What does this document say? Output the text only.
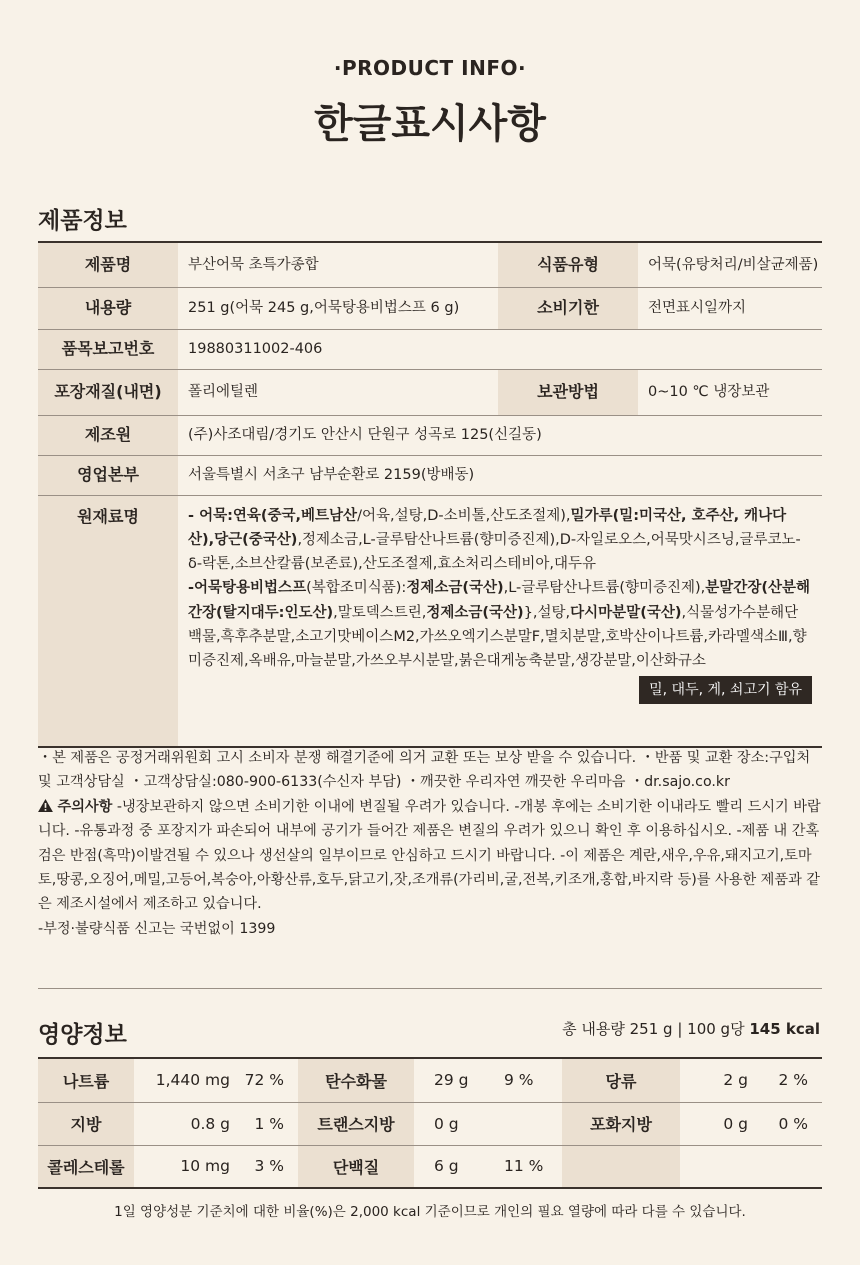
·PRODUCT INFO·
한글표시사항
제품정보
제품명	부산어묵 초특가종합	식품유형	어묵(유탕처리/비살균제품)
내용량	251 g(어묵 245 g,어묵탕용비법스프 6 g)	소비기한	전면표시일까지
품목보고번호	19880311002-406		
포장재질(내면)	폴리에틸렌	보관방법	0~10 ℃ 냉장보관
제조원	(주)사조대림/경기도 안산시 단원구 성곡로 125(신길동)		
영업본부	서울특별시 서초구 남부순환로 2159(방배동)		
원재료명	- 어묵:연육(중국,베트남산/어육,설탕,D-소비톨,산도조절제),밀가루(밀:미국산, 호주산, 캐나다산),당근(중국산),정제소금,L-글루탐산나트륨(향미증진제),D-자일로오스,어묵맛시즈닝,글루코노-δ-락톤,소브산칼륨(보존료),산도조절제,효소처리스테비아,대두유
-어묵탕용비법스프(복합조미식품):정제소금(국산),L-글루탐산나트륨(향미증진제),분말간장(산분해간장(탈지대두:인도산),말토덱스트린,정제소금(국산)},설탕,다시마분말(국산),식물성가수분해단백물,흑후추분말,소고기맛베이스M2,가쓰오엑기스분말F,멸치분말,호박산이나트륨,카라멜색소Ⅲ,향미증진제,옥배유,마늘분말,가쓰오부시분말,붉은대게농축분말,생강분말,이산화규소
밀, 대두, 게, 쇠고기 함유		
・본 제품은 공정거래위원회 고시 소비자 분쟁 해결기준에 의거 교환 또는 보상 받을 수 있습니다. ・반품 및 교환 장소:구입처 및 고객상담실 ・고객상담실:080-900-6133(수신자 부담) ・깨끗한 우리자연 깨끗한 우리마음 ・dr.sajo.co.kr
주의사항 -냉장보관하지 않으면 소비기한 이내에 변질될 우려가 있습니다. -개봉 후에는 소비기한 이내라도 빨리 드시기 바랍니다. -유통과정 중 포장지가 파손되어 내부에 공기가 들어간 제품은 변질의 우려가 있으니 확인 후 이용하십시오. -제품 내 간혹 검은 반점(흑막)이발견될 수 있으나 생선살의 일부이므로 안심하고 드시기 바랍니다. -이 제품은 계란,새우,우유,돼지고기,토마토,땅콩,오징어,메밀,고등어,복숭아,아황산류,호두,닭고기,잣,조개류(가리비,굴,전복,키조개,홍합,바지락 등)를 사용한 제품과 같은 제조시설에서 제조하고 있습니다.
-부정·불량식품 신고는 국번없이 1399
영양정보	총 내용량 251 g | 100 g당 145 kcal
나트륨	1,440 mg	72 %	탄수화물	29 g	9 %	당류	2 g	2 %
지방	0.8 g	1 %	트랜스지방	0 g		포화지방	0 g	0 %
콜레스테롤	10 mg	3 %	단백질	6 g	11 %			
1일 영양성분 기준치에 대한 비율(%)은 2,000 kcal 기준이므로 개인의 필요 열량에 따라 다를 수 있습니다.
